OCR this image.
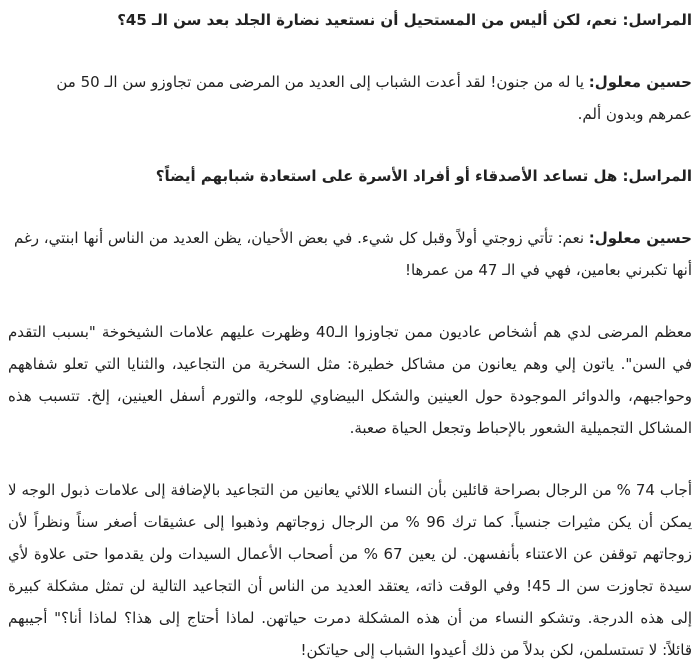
المراسل: نعم، لكن أليس من المستحيل أن نستعيد نضارة الجلد بعد سن الـ 45؟

حسين معلول: يا له من جنون! لقد أعدت الشباب إلى العديد من المرضى ممن تجاوزو سن الـ 50 من عمرهم وبدون ألم.

المراسل: هل تساعد الأصدقاء أو أفراد الأسرة على استعادة شبابهم أيضاً؟

حسين معلول: نعم: تأتي زوجتي أولاً وقبل كل شيء. في بعض الأحيان، يظن العديد من الناس أنها ابنتي، رغم أنها تكبرني بعامين، فهي في الـ 47 من عمرها!

معظم المرضى لدي هم أشخاص عاديون ممن تجاوزوا الـ40 وظهرت عليهم علامات الشيخوخة "بسبب التقدم في السن". ياتون إلي وهم يعانون من مشاكل خطيرة: مثل السخرية من التجاعيد، والثنايا التي تعلو شفاههم وحواجبهم، والدوائر الموجودة حول العينين والشكل البيضاوي للوجه، والتورم أسفل العينين، إلخ. تتسبب هذه المشاكل التجميلية الشعور بالإحباط وتجعل الحياة صعبة.

أجاب 74 % من الرجال بصراحة قائلين بأن النساء اللائي يعانين من التجاعيد بالإضافة إلى علامات ذبول الوجه لا يمكن أن يكن مثيرات جنسياً. كما ترك 96 % من الرجال زوجاتهم وذهبوا إلى عشيقات أصغر سناً ونظراً لأن زوجاتهم توقفن عن الاعتناء بأنفسهن. لن يعين 67 % من أصحاب الأعمال السيدات ولن يقدموا حتى علاوة لأي سيدة تجاوزت سن الـ 45! وفي الوقت ذاته، يعتقد العديد من الناس أن التجاعيد التالية لن تمثل مشكلة كبيرة إلى هذه الدرجة. وتشكو النساء من أن هذه المشكلة دمرت حياتهن. لماذا أحتاج إلى هذا؟ لماذا أنا؟" أجيبهم قائلاً: لا تستسلمن، لكن بدلاً من ذلك أعيدوا الشباب إلى حياتكن!
